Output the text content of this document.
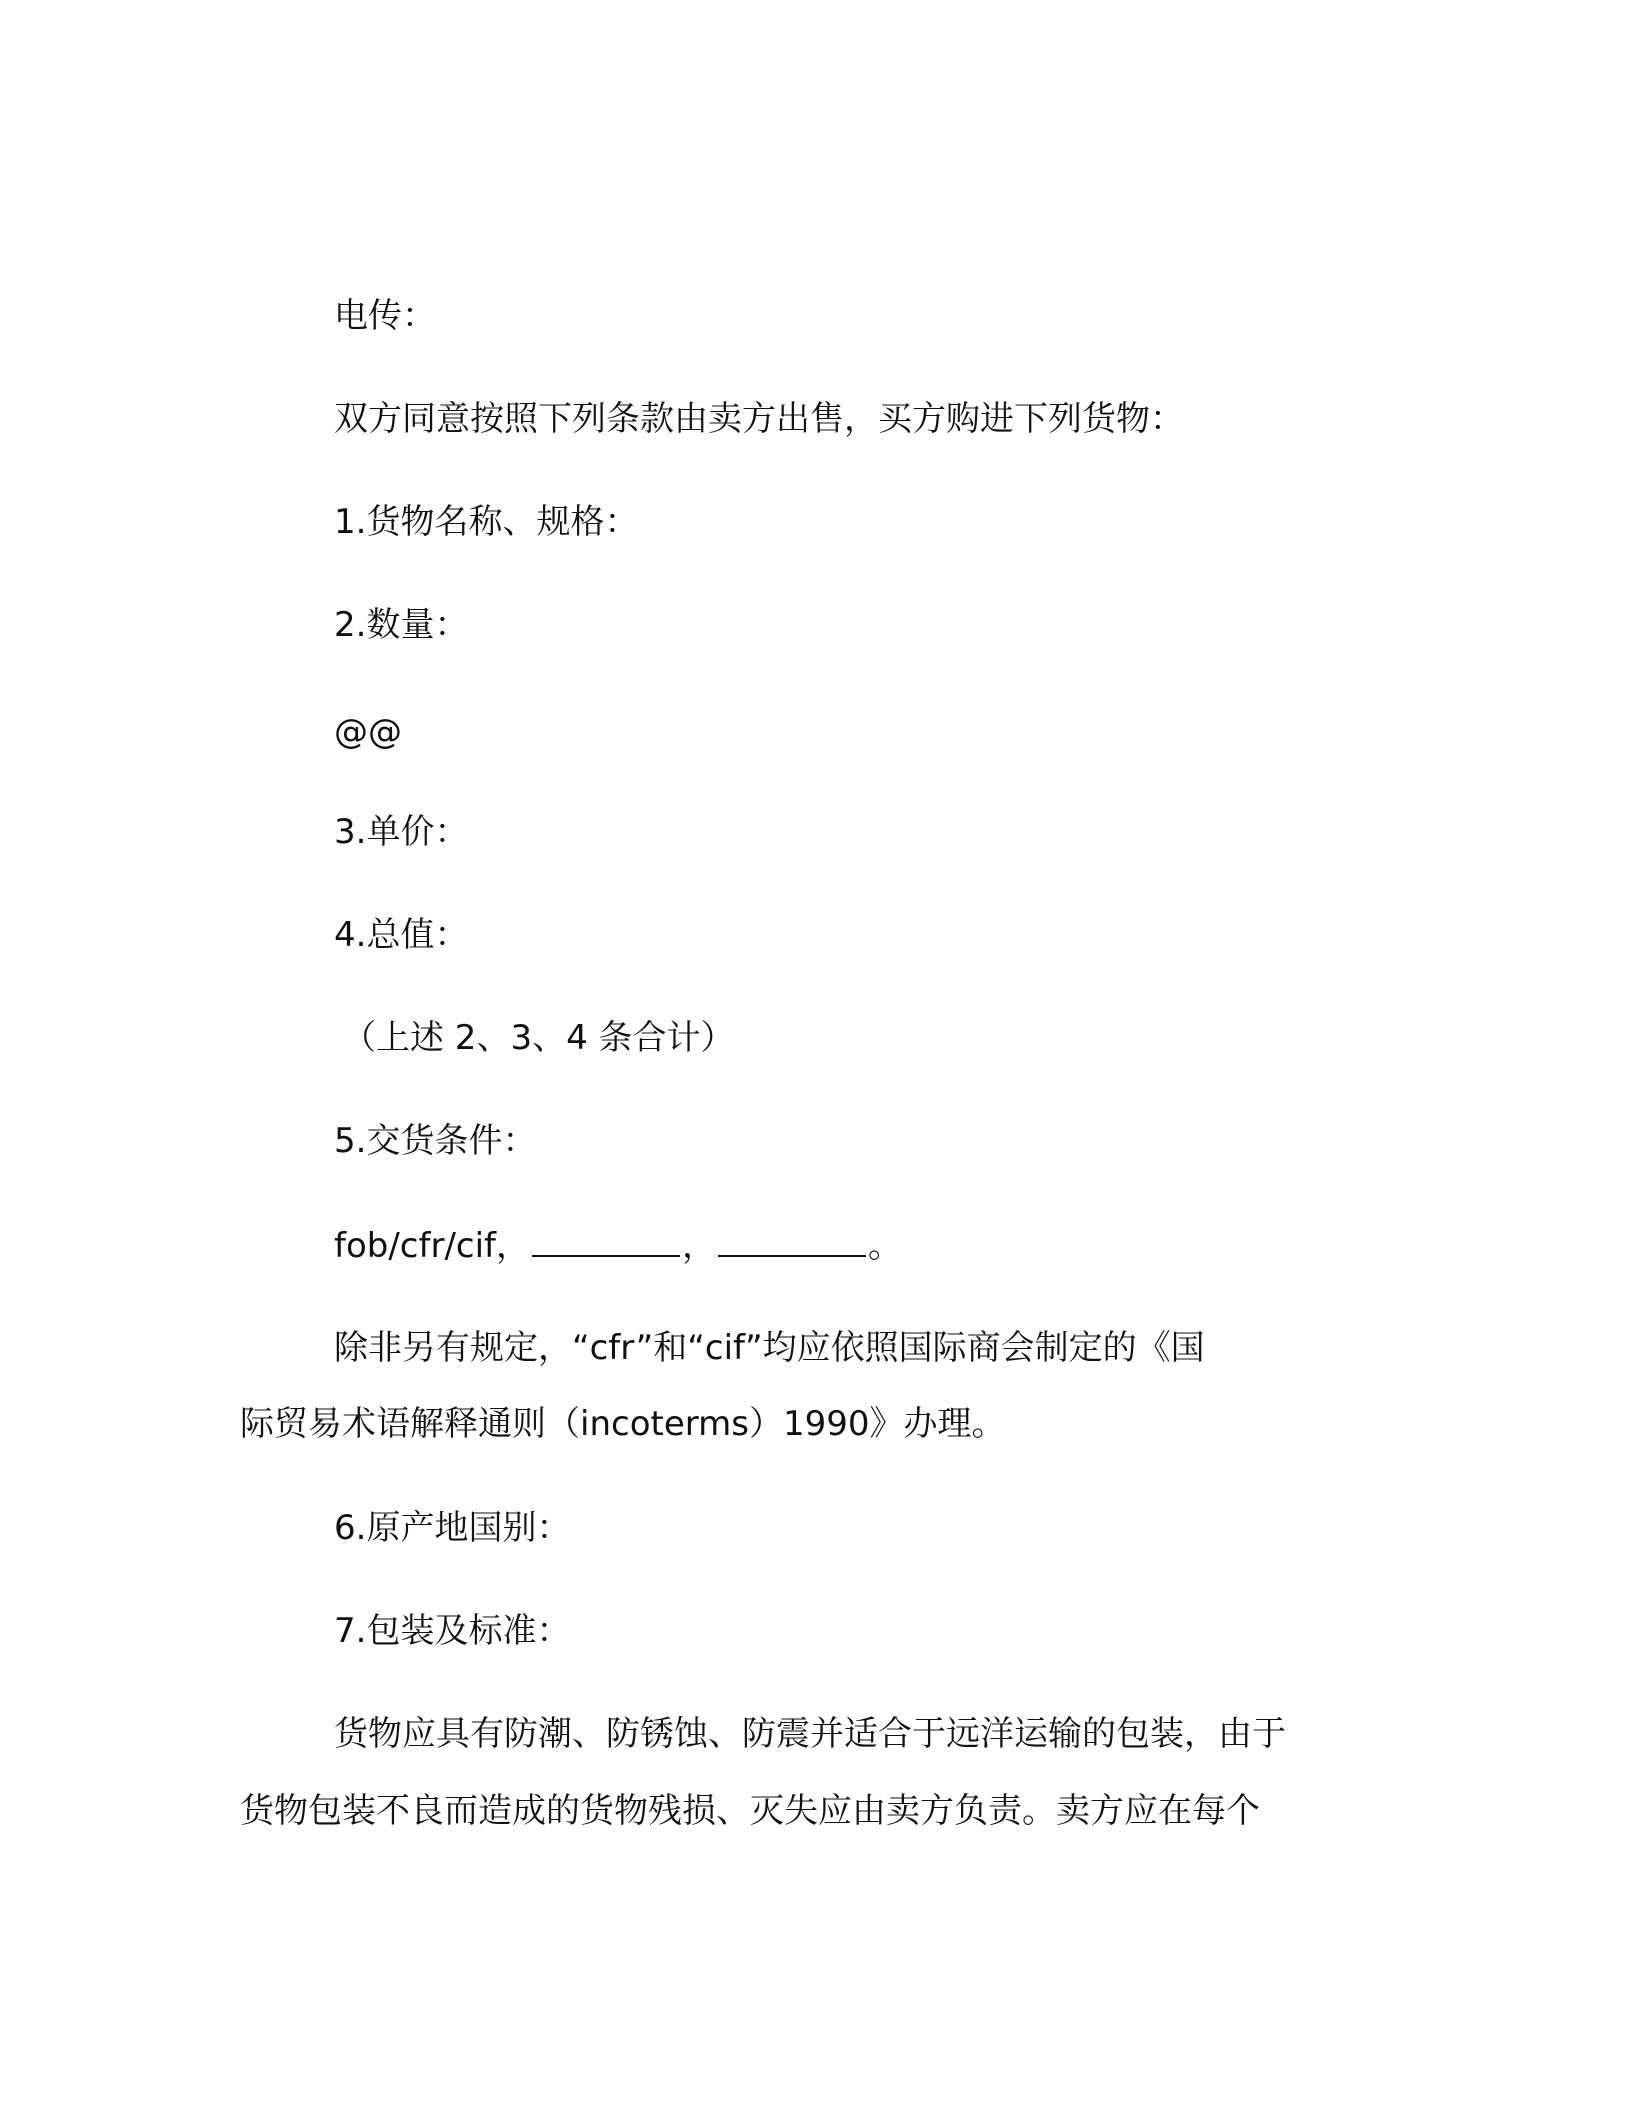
电传：
双方同意按照下列条款由卖方出售，买方购进下列货物：
1.货物名称、规格：
2.数量：
@@
3.单价：
4.总值：
（上述 2、3、4 条合计）
5.交货条件：
fob/cfr/cif，	，	。
除非另有规定，“cfr”和“cif”均应依照国际商会制定的《国
际贸易术语解释通则（incoterms）1990》办理。
6.原产地国别：
7.包装及标准：
货物应具有防潮、防锈蚀、防震并适合于远洋运输的包装，由于
货物包装不良而造成的货物残损、灭失应由卖方负责。卖方应在每个
